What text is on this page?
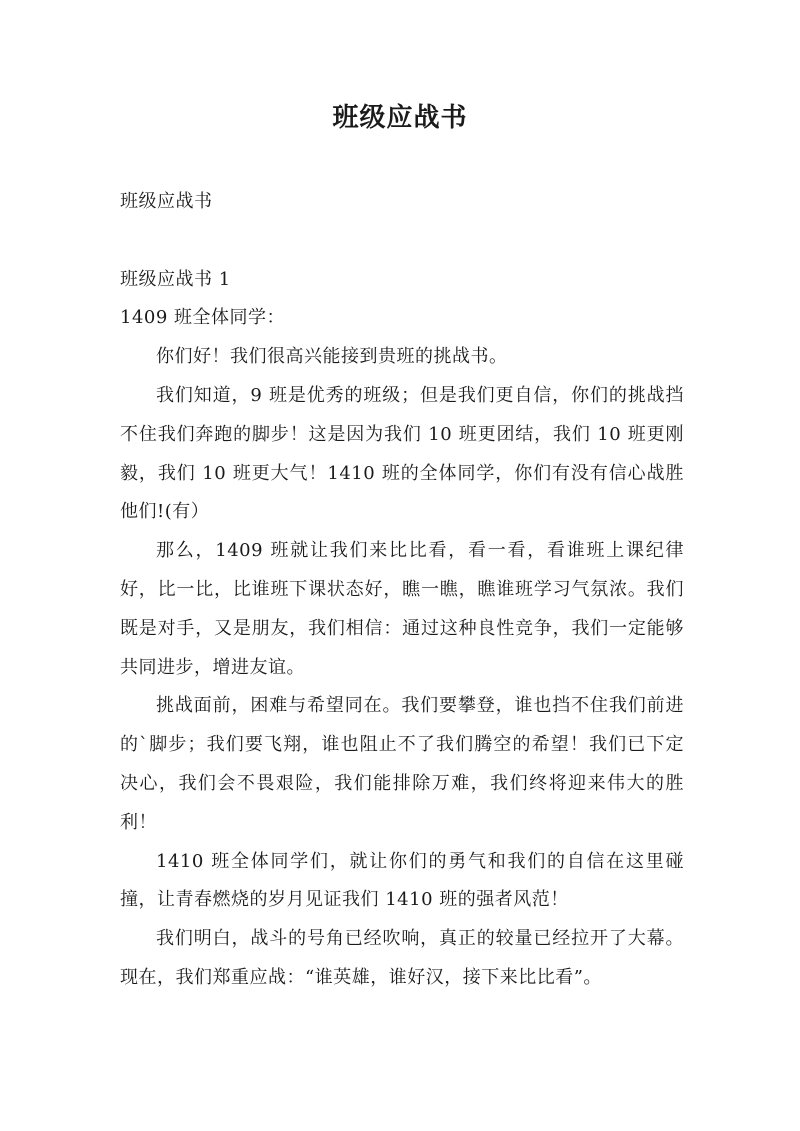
班级应战书

班级应战书

班级应战书 1

1409 班全体同学：

你们好！我们很高兴能接到贵班的挑战书。

我们知道，9 班是优秀的班级；但是我们更自信，你们的挑战挡不住我们奔跑的脚步！这是因为我们 10 班更团结，我们 10 班更刚毅，我们 10 班更大气！1410 班的全体同学，你们有没有信心战胜他们!(有）

那么，1409 班就让我们来比比看，看一看，看谁班上课纪律好，比一比，比谁班下课状态好，瞧一瞧，瞧谁班学习气氛浓。我们既是对手，又是朋友，我们相信：通过这种良性竞争，我们一定能够共同进步，增进友谊。

挑战面前，困难与希望同在。我们要攀登，谁也挡不住我们前进的`脚步；我们要飞翔，谁也阻止不了我们腾空的希望！我们已下定决心，我们会不畏艰险，我们能排除万难，我们终将迎来伟大的胜利！

1410 班全体同学们，就让你们的勇气和我们的自信在这里碰撞，让青春燃烧的岁月见证我们 1410 班的强者风范！

我们明白，战斗的号角已经吹响，真正的较量已经拉开了大幕。现在，我们郑重应战：“谁英雄，谁好汉，接下来比比看”。
